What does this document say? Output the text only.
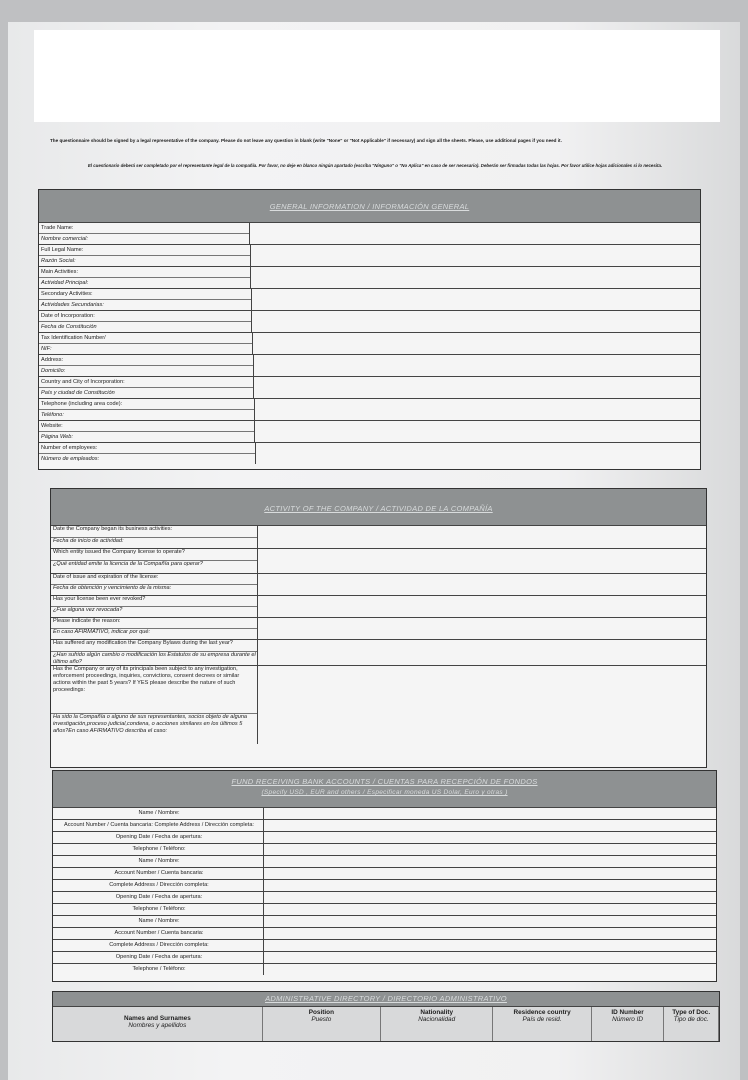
The questionnaire should be signed by a legal representative of the company. Please do not leave any question in blank (write "None" or "Not Applicable" if necessary) and sign all the sheets. Please, use additional pages if you need it.
El cuestionario deberá ser completado por el representante legal de la compañía. Por favor, no deje en blanco ningún apartado (escriba "Ninguno" o "No Aplica" en caso de ser necesario). Deberán ser firmadas todas las hojas. Por favor utilice hojas adicionales si lo necesita.
GENERAL INFORMATION / INFORMACIÓN GENERAL
Trade Name:
Nombre comercial:
Full Legal Name:
Razón Social:
Main Activities:
Actividad Principal:
Secondary Activities:
Actividades Secundarias:
Date of Incorporation:
Fecha de Constitución
Tax Identification Number/
NIF:
Address:
Domicilio:
Country and City of Incorporation:
País y ciudad de Constitución
Telephone (including area code):
Teléfono:
Website:
Página Web:
Number of employees:
Número de empleados:
ACTIVITY OF THE COMPANY / ACTIVIDAD DE LA COMPAÑÍA
Date the Company began its business activities:
Fecha de inicio de actividad:
Which entity issued the Company license to operate?
¿Qué entidad emite la licencia de la Compañía para operar?
Date of issue and expiration of the license:
Fecha de obtención y vencimiento de la misma:
Has your license been ever revoked?
¿Fue alguna vez revocada?
Please indicate the reason:
En caso AFIRMATIVO, indicar por qué:
Has suffered any modification the Company Bylaws during the last year?
¿Han sufrido algún cambio o modificación los Estatutos de su empresa durante el último año?
Has the Company or any of its principals been subject to any investigation, enforcement proceedings, inquiries, convictions, consent decrees or similar actions within the past 5 years? If YES please describe the nature of such proceedings:
Ha sido la Compañía o alguno de sus representantes, socios objeto de alguna investigación,proceso judicial,condena, o acciones similares en los últimos 5 años?En caso AFIRMATIVO describa el caso:
FUND RECEIVING BANK ACCOUNTS / CUENTAS PARA RECEPCIÓN DE FONDOS
(Specify USD , EUR and others / Especificar moneda US Dolar, Euro y otras )
Name / Nombre:
Account Number / Cuenta bancaria: Complete Address / Dirección completa:
Opening Date / Fecha de apertura:
Telephone / Teléfono:
Name / Nombre:
Account Number / Cuenta bancaria:
Complete Address / Dirección completa:
Opening Date / Fecha de apertura:
Telephone / Teléfono:
Name / Nombre:
Account Number / Cuenta bancaria:
Complete Address / Dirección completa:
Opening Date / Fecha de apertura:
Telephone / Teléfono:
ADMINISTRATIVE DIRECTORY / DIRECTORIO ADMINISTRATIVO
Names and Surnames
Nombres y apellidos
Position
Puesto
Nationality
Nacionalidad
Residence country
País de resid.
ID Number
Número ID
Type of Doc.
Tipo de doc.
